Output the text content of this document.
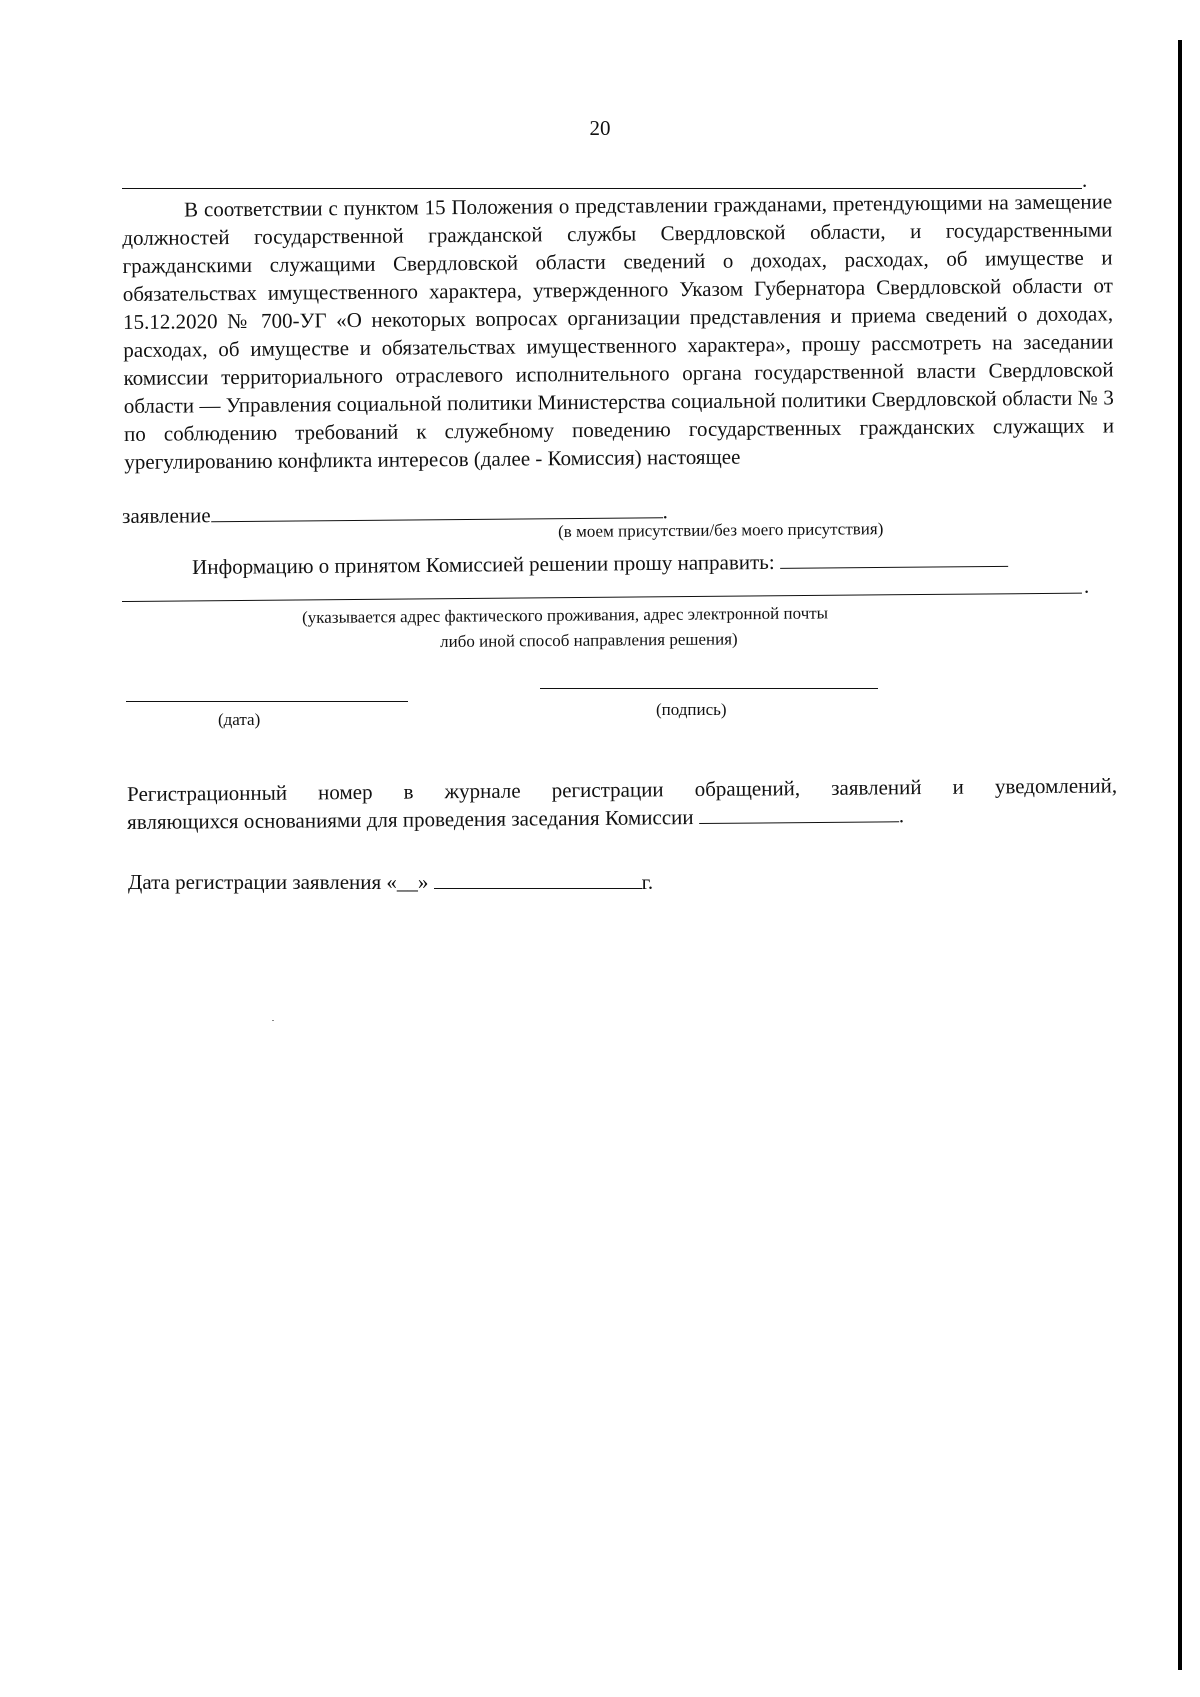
20
.
В соответствии с пунктом 15 Положения о представлении гражданами, претендующими на замещение должностей государственной гражданской службы Свердловской области, и государственными гражданскими служащими Свердловской области сведений о доходах, расходах, об имуществе и обязательствах имущественного характера, утвержденного Указом Губернатора Свердловской области от 15.12.2020 № 700-УГ «О некоторых вопросах организации представления и приема сведений о доходах, расходах, об имуществе и обязательствах имущественного характера», прошу рассмотреть на заседании комиссии территориального отраслевого исполнительного органа государственной власти Свердловской области — Управления социальной политики Министерства социальной политики Свердловской области № 3 по соблюдению требований к служебному поведению государственных гражданских служащих и урегулированию конфликта интересов (далее - Комиссия) настоящее
заявление	.
(в моем присутствии/без моего присутствия)
Информацию о принятом Комиссией решении прошу направить:
.
(указывается адрес фактического проживания, адрес электронной почты
либо иной способ направления решения)
(дата)
(подпись)
Регистрационный номер в журнале регистрации обращений, заявлений и уведомлений,
являющихся основаниями для проведения заседания Комиссии	.
Дата регистрации заявления «__»	г.
